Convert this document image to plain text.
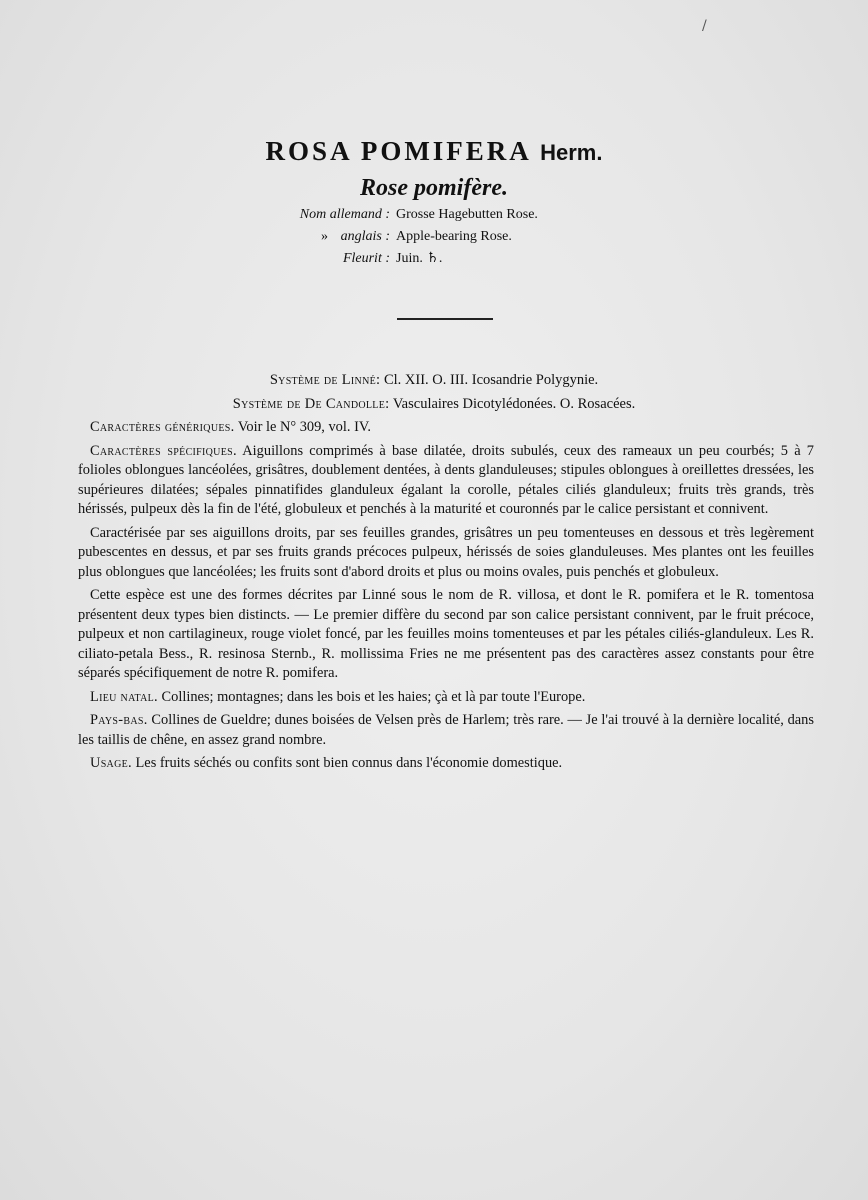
/
ROSA POMIFERA Herm.
Rose pomifère.
Nom allemand : Grosse Hagebutten Rose.
» anglais : Apple-bearing Rose.
Fleurit : Juin. ♄.
Système de Linné: Cl. XII. O. III. Icosandrie Polygynie.
Système de De Candolle: Vasculaires Dicotylédonées. O. Rosacées.

Caractères génériques. Voir le N° 309, vol. IV.

Caractères spécifiques. Aiguillons comprimés à base dilatée, droits subulés, ceux des rameaux un peu courbés; 5 à 7 folioles oblongues lancéolées, grisâtres, doublement dentées, à dents glanduleuses; stipules oblongues à oreillettes dressées, les supérieures dilatées; sépales pinnatifides glanduleux égalant la corolle, pétales ciliés glanduleux; fruits très grands, très hérissés, pulpeux dès la fin de l'été, globuleux et penchés à la maturité et couronnés par le calice persistant et connivent.

Caractérisée par ses aiguillons droits, par ses feuilles grandes, grisâtres un peu tomenteuses en dessous et très legèrement pubescentes en dessus, et par ses fruits grands précoces pulpeux, hérissés de soies glanduleuses. Mes plantes ont les feuilles plus oblongues que lancéolées; les fruits sont d'abord droits et plus ou moins ovales, puis penchés et globuleux.

Cette espèce est une des formes décrites par Linné sous le nom de R. villosa, et dont le R. pomifera et le R. tomentosa présentent deux types bien distincts. — Le premier diffère du second par son calice persistant connivent, par le fruit précoce, pulpeux et non cartilagineux, rouge violet foncé, par les feuilles moins tomenteuses et par les pétales ciliés-glanduleux. Les R. ciliato-petala Bess., R. resinosa Sternb., R. mollissima Fries ne me présentent pas des caractères assez constants pour être séparés spécifiquement de notre R. pomifera.

Lieu natal. Collines; montagnes; dans les bois et les haies; çà et là par toute l'Europe.

Pays-bas. Collines de Gueldre; dunes boisées de Velsen près de Harlem; très rare. — Je l'ai trouvé à la dernière localité, dans les taillis de chêne, en assez grand nombre.

Usage. Les fruits séchés ou confits sont bien connus dans l'économie domestique.
